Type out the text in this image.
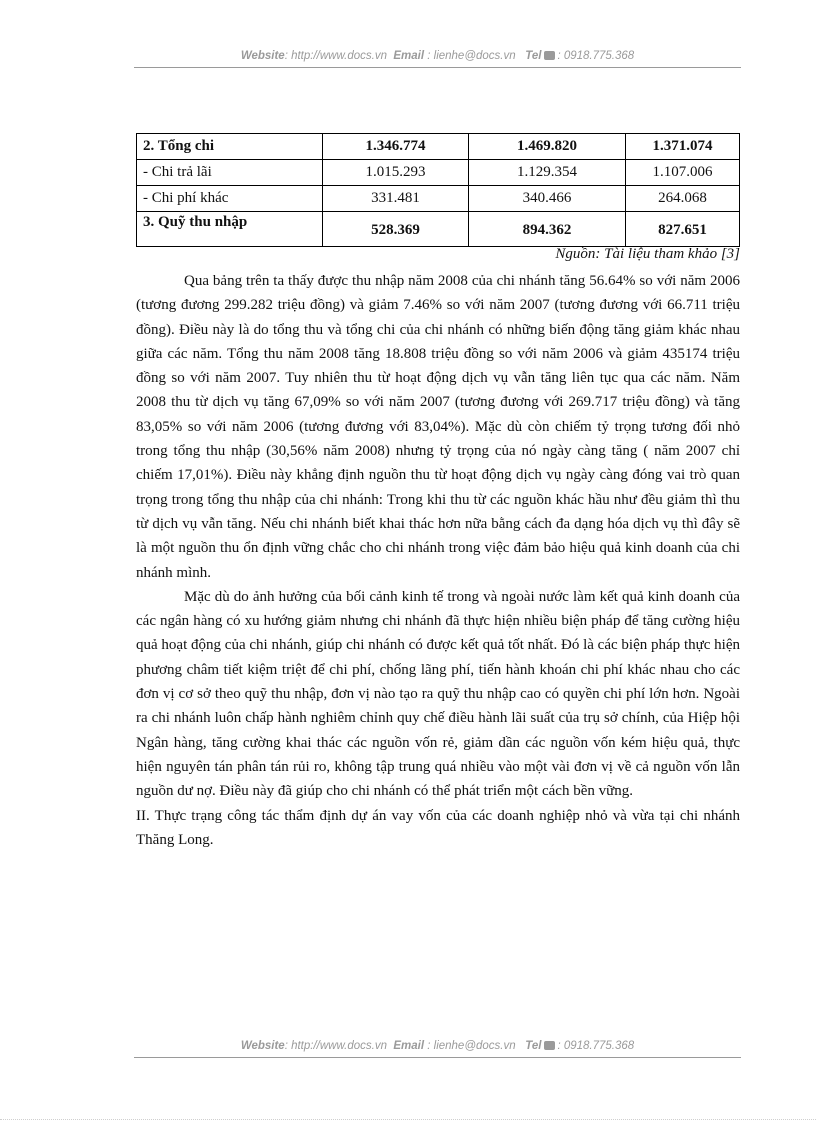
Website: http://www.docs.vn Email : lienhe@docs.vn Tel : 0918.775.368
2. Tổng chi	1.346.774	1.469.820	1.371.074
- Chi trả lãi	1.015.293	1.129.354	1.107.006
- Chi phí khác	331.481	340.466	264.068
3. Quỹ thu nhập	528.369	894.362	827.651
Nguồn: Tài liệu tham khảo [3]

Qua bảng trên ta thấy được thu nhập năm 2008 của chi nhánh tăng 56.64% so với năm 2006 (tương đương 299.282 triệu đồng) và giảm 7.46% so với năm 2007 (tương đương với 66.711 triệu đồng). Điều này là do tổng thu và tổng chi của chi nhánh có những biến động tăng giảm khác nhau giữa các năm. Tổng thu năm 2008 tăng 18.808 triệu đồng so với năm 2006 và giảm 435174 triệu đồng so với năm 2007. Tuy nhiên thu từ hoạt động dịch vụ vẫn tăng liên tục qua các năm. Năm 2008 thu từ dịch vụ tăng 67,09% so với năm 2007 (tương đương với 269.717 triệu đồng) và tăng 83,05% so với năm 2006 (tương đương với 83,04%). Mặc dù còn chiếm tỷ trọng tương đối nhỏ trong tổng thu nhập (30,56% năm 2008) nhưng tỷ trọng của nó ngày càng tăng ( năm 2007 chỉ chiếm 17,01%). Điều này khẳng định nguồn thu từ hoạt động dịch vụ ngày càng đóng vai trò quan trọng trong tổng thu nhập của chi nhánh: Trong khi thu từ các nguồn khác hầu như đều giảm thì thu từ dịch vụ vẫn tăng. Nếu chi nhánh biết khai thác hơn nữa bằng cách đa dạng hóa dịch vụ thì đây sẽ là một nguồn thu ổn định vững chắc cho chi nhánh trong việc đảm bảo hiệu quả kinh doanh của chi nhánh mình.

Mặc dù do ảnh hưởng của bối cảnh kinh tế trong và ngoài nước làm kết quả kinh doanh của các ngân hàng có xu hướng giảm nhưng chi nhánh đã thực hiện nhiều biện pháp để tăng cường hiệu quả hoạt động của chi nhánh, giúp chi nhánh có được kết quả tốt nhất. Đó là các biện pháp thực hiện phương châm tiết kiệm triệt để chi phí, chống lãng phí, tiến hành khoán chi phí khác nhau cho các đơn vị cơ sở theo quỹ thu nhập, đơn vị nào tạo ra quỹ thu nhập cao có quyền chi phí lớn hơn. Ngoài ra chi nhánh luôn chấp hành nghiêm chỉnh quy chế điều hành lãi suất của trụ sở chính, của Hiệp hội Ngân hàng, tăng cường khai thác các nguồn vốn rẻ, giảm dần các nguồn vốn kém hiệu quả, thực hiện nguyên tán phân tán rủi ro, không tập trung quá nhiều vào một vài đơn vị về cả nguồn vốn lẫn nguồn dư nợ. Điều này đã giúp cho chi nhánh có thể phát triển một cách bền vững.

II. Thực trạng công tác thẩm định dự án vay vốn của các doanh nghiệp nhỏ và vừa tại chi nhánh Thăng Long.

Website: http://www.docs.vn Email : lienhe@docs.vn Tel : 0918.775.368
